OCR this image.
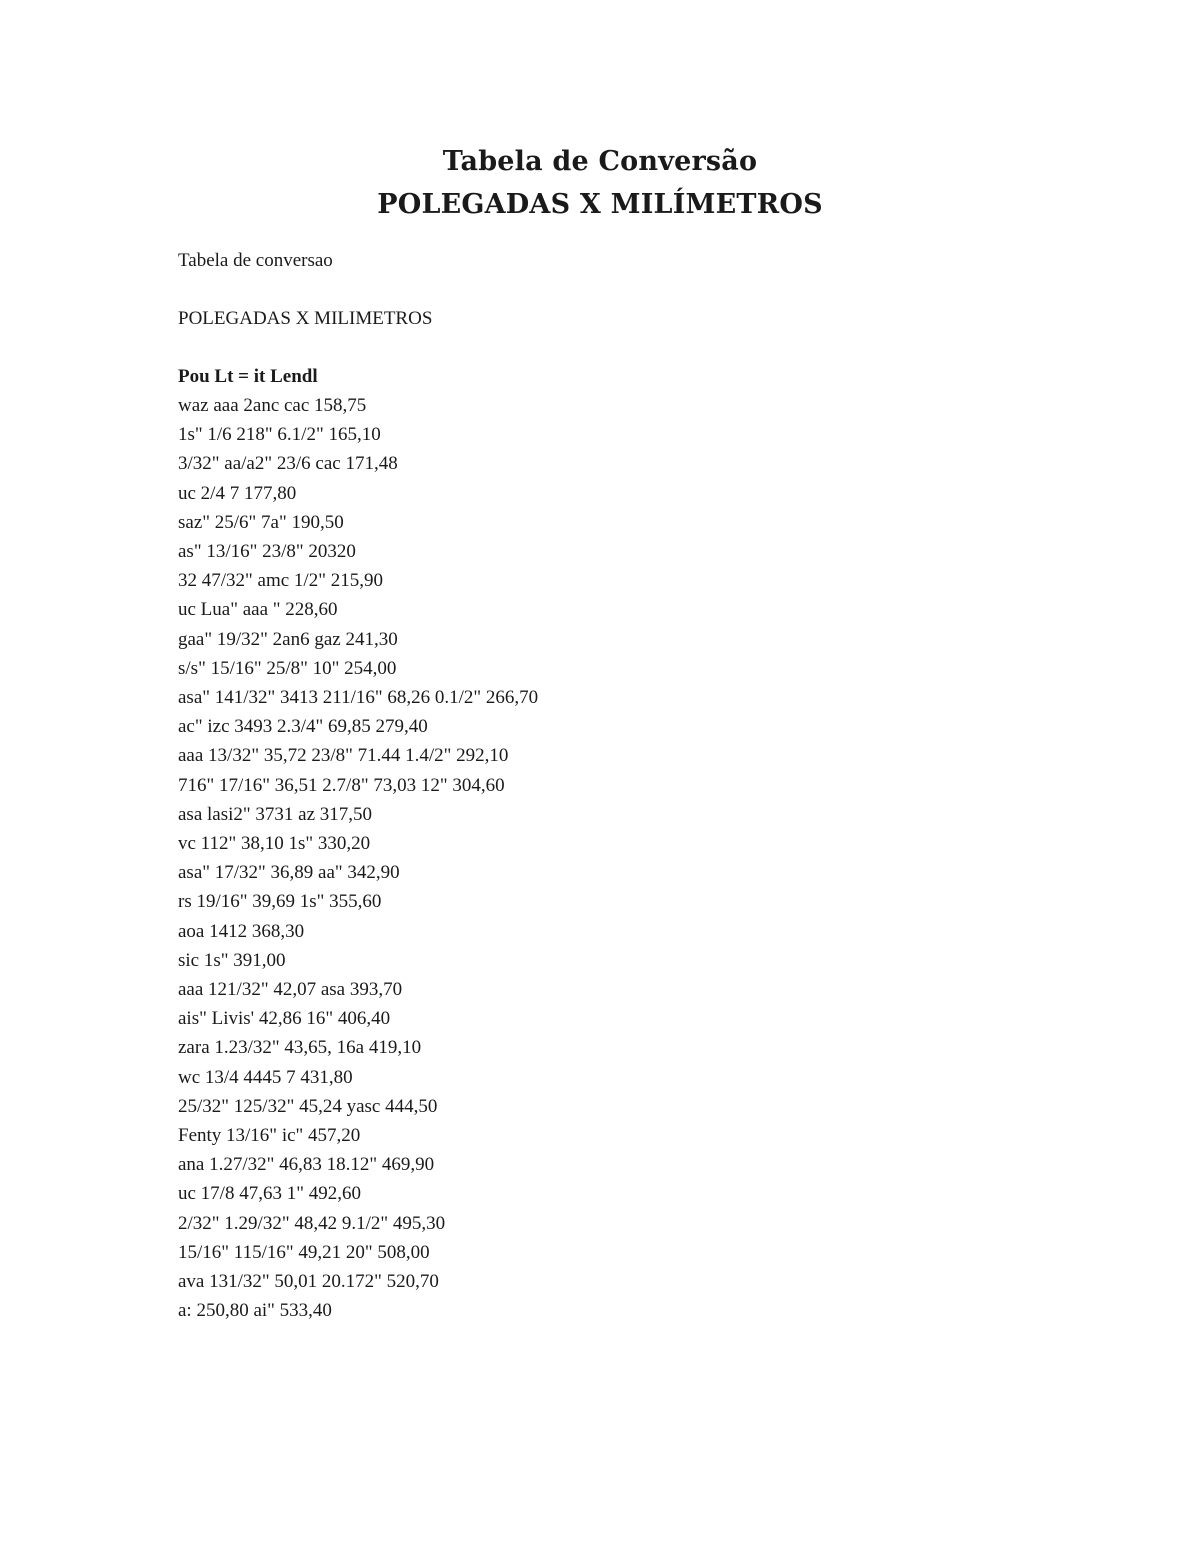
Tabela de Conversão

POLEGADAS X MILÍMETROS

Tabela de conversao

POLEGADAS X MILIMETROS

Pou Lt = it Lendl

waz aaa 2anc cac 158,75

1s" 1/6 218" 6.1/2" 165,10

3/32" aa/a2" 23/6 cac 171,48

uc 2/4 7 177,80

saz" 25/6" 7a" 190,50

as" 13/16" 23/8" 20320

32 47/32" amc 1/2" 215,90

uc Lua" aaa " 228,60

gaa" 19/32" 2an6 gaz 241,30

s/s" 15/16" 25/8" 10" 254,00

asa" 141/32" 3413 211/16" 68,26 0.1/2" 266,70

ac" izc 3493 2.3/4" 69,85 279,40

aaa 13/32" 35,72 23/8" 71.44 1.4/2" 292,10

716" 17/16" 36,51 2.7/8" 73,03 12" 304,60

asa lasi2" 3731 az 317,50

vc 112" 38,10 1s" 330,20

asa" 17/32" 36,89 aa" 342,90

rs 19/16" 39,69 1s" 355,60

aoa 1412 368,30

sic 1s" 391,00

aaa 121/32" 42,07 asa 393,70

ais" Livis' 42,86 16" 406,40

zara 1.23/32" 43,65, 16a 419,10

wc 13/4 4445 7 431,80

25/32" 125/32" 45,24 yasc 444,50

Fenty 13/16" ic" 457,20

ana 1.27/32" 46,83 18.12" 469,90

uc 17/8 47,63 1" 492,60

2/32" 1.29/32" 48,42 9.1/2" 495,30

15/16" 115/16" 49,21 20" 508,00

ava 131/32" 50,01 20.172" 520,70

a: 250,80 ai" 533,40
